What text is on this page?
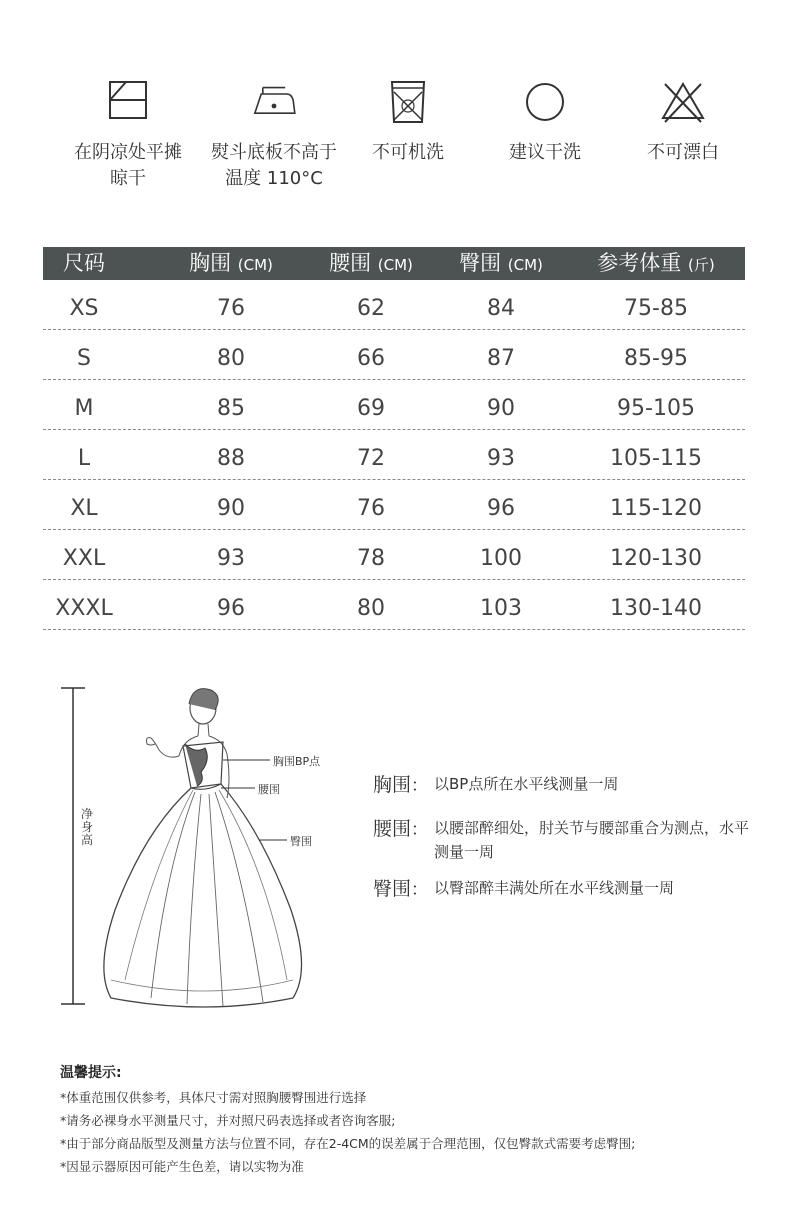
在阴凉处平摊
晾干
熨斗底板不高于
温度 110°C
不可机洗	建议干洗	不可漂白
尺码	胸围 (CM)	腰围 (CM)	臀围 (CM)	参考体重 (斤)
XS	76	62	84	75-85
S	80	66	87	85-95
M	85	69	90	95-105
L	88	72	93	105-115
XL	90	76	96	115-120
XXL	93	78	100	120-130
XXXL	96	80	103	130-140
净身高
胸围BP点
腰围
臀围
胸围： 以BP点所在水平线测量一周
腰围： 以腰部醉细处，肘关节与腰部重合为测点，水平测量一周
臀围： 以臀部醉丰满处所在水平线测量一周
温馨提示:
*体重范围仅供参考，具体尺寸需对照胸腰臀围进行选择
*请务必裸身水平测量尺寸，并对照尺码表选择或者咨询客服;
*由于部分商品版型及测量方法与位置不同，存在2-4CM的误差属于合理范围，仅包臀款式需要考虑臀围;
*因显示器原因可能产生色差，请以实物为准
